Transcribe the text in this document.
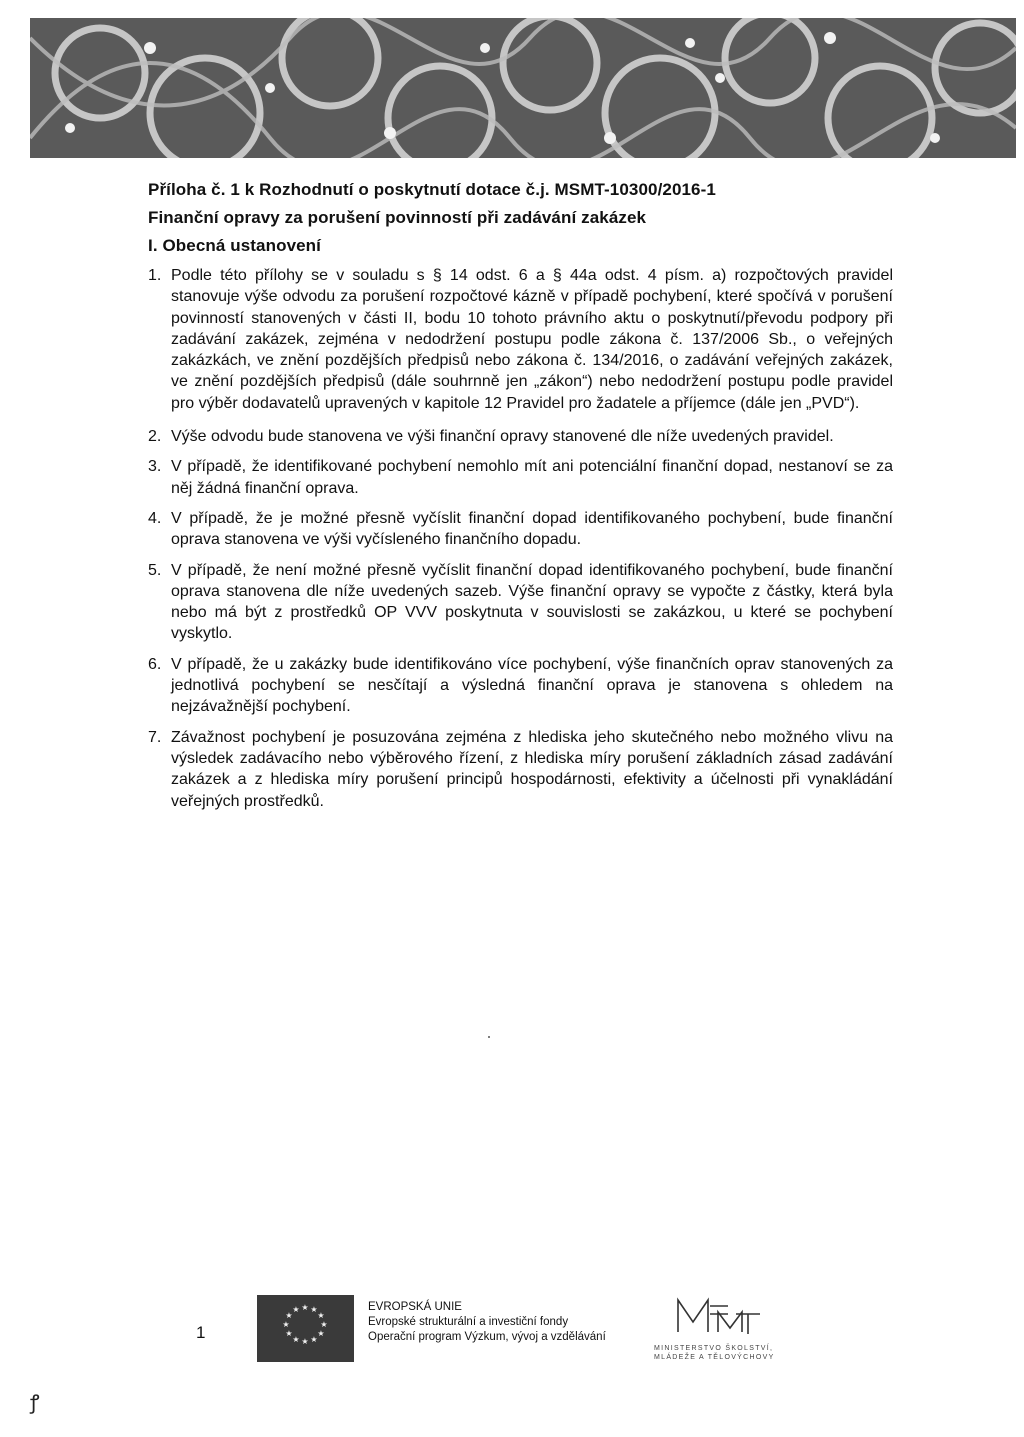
Příloha č. 1 k Rozhodnutí o poskytnutí dotace č.j. MSMT-10300/2016-1
Finanční opravy za porušení povinností při zadávání zakázek
I. Obecná ustanovení

1. Podle této přílohy se v souladu s § 14 odst. 6 a § 44a odst. 4 písm. a) rozpočtových pravidel stanovuje výše odvodu za porušení rozpočtové kázně v případě pochybení, které spočívá v porušení povinností stanovených v části II, bodu 10 tohoto právního aktu o poskytnutí/převodu podpory při zadávání zakázek, zejména v nedodržení postupu podle zákona č. 137/2006 Sb., o veřejných zakázkách, ve znění pozdějších předpisů nebo zákona č. 134/2016, o zadávání veřejných zakázek, ve znění pozdějších předpisů (dále souhrnně jen „zákon“) nebo nedodržení postupu podle pravidel pro výběr dodavatelů upravených v kapitole 12 Pravidel pro žadatele a příjemce (dále jen „PVD“).

2. Výše odvodu bude stanovena ve výši finanční opravy stanovené dle níže uvedených pravidel.

3. V případě, že identifikované pochybení nemohlo mít ani potenciální finanční dopad, nestanoví se za něj žádná finanční oprava.

4. V případě, že je možné přesně vyčíslit finanční dopad identifikovaného pochybení, bude finanční oprava stanovena ve výši vyčísleného finančního dopadu.

5. V případě, že není možné přesně vyčíslit finanční dopad identifikovaného pochybení, bude finanční oprava stanovena dle níže uvedených sazeb. Výše finanční opravy se vypočte z částky, která byla nebo má být z prostředků OP VVV poskytnuta v souvislosti se zakázkou, u které se pochybení vyskytlo.

6. V případě, že u zakázky bude identifikováno více pochybení, výše finančních oprav stanovených za jednotlivá pochybení se nesčítají a výsledná finanční oprava je stanovena s ohledem na nejzávažnější pochybení.

7. Závažnost pochybení je posuzována zejména z hlediska jeho skutečného nebo možného vlivu na výsledek zadávacího nebo výběrového řízení, z hlediska míry porušení základních zásad zadávání zakázek a z hlediska míry porušení principů hospodárnosti, efektivity a účelnosti při vynakládání veřejných prostředků.

1
★ ★
★
★
★
★
★
★
★
★
★
★	EVROPSKÁ UNIE
Evropské strukturální a investiční fondy
Operační program Výzkum, vývoj a vzdělávání
MINISTERSTVO ŠKOLSTVÍ,
MLÁDEŽE A TĚLOVÝCHOVY
ꝭ
